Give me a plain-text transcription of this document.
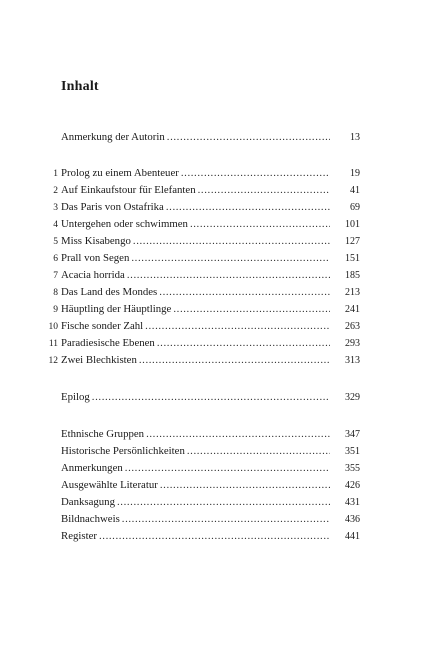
Inhalt
Anmerkung der Autorin .....	13
1 Prolog zu einem Abenteuer .....	19
2 Auf Einkaufstour für Elefanten .....	41
3 Das Paris von Ostafrika .....	69
4 Untergehen oder schwimmen .....	101
5 Miss Kisabengo .....	127
6 Prall von Segen .....	151
7 Acacia horrida .....	185
8 Das Land des Mondes .....	213
9 Häuptling der Häuptlinge .....	241
10 Fische sonder Zahl .....	263
11 Paradiesische Ebenen .....	293
12 Zwei Blechkisten .....	313
Epilog .....	329
Ethnische Gruppen .....	347
Historische Persönlichkeiten .....	351
Anmerkungen .....	355
Ausgewählte Literatur .....	426
Danksagung .....	431
Bildnachweis .....	436
Register .....	441
